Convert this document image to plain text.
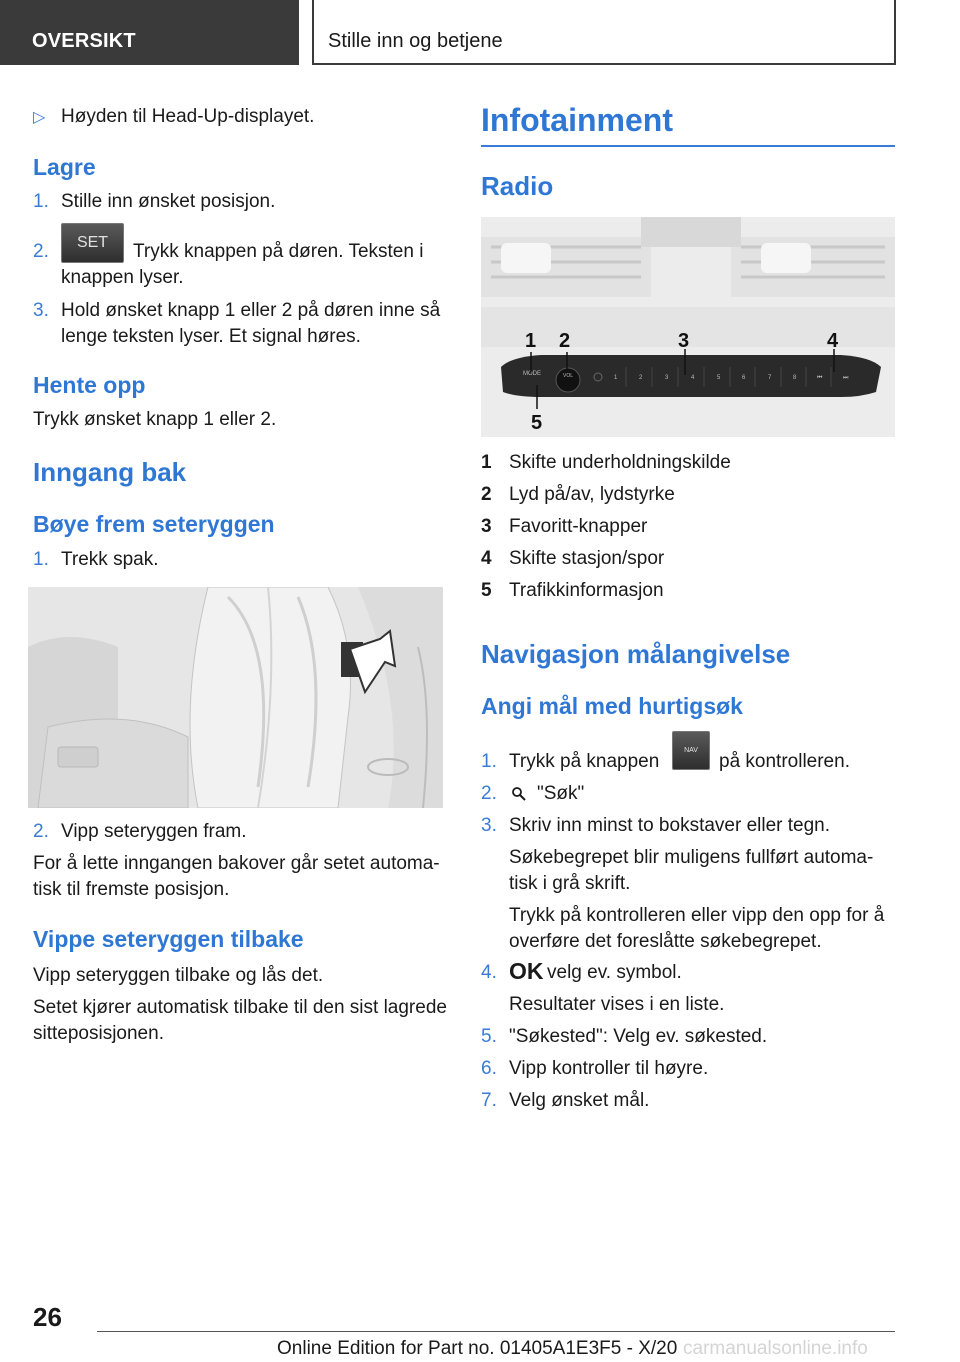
OVERSIKT	Stille inn og betjene
▷ Høyden til Head-Up-displayet.
Lagre
1. Stille inn ønsket posisjon.
2.	SET	Trykk knappen på døren. Teksten i
knappen lyser.
3. Hold ønsket knapp 1 eller 2 på døren inne så
lenge teksten lyser. Et signal høres.
Hente opp
Trykk ønsket knapp 1 eller 2.
Inngang bak
Bøye frem seteryggen
1. Trekk spak.
2. Vipp seteryggen fram.
For å lette inngangen bakover går setet automa-
tisk til fremste posisjon.
Vippe seteryggen tilbake
Vipp seteryggen tilbake og lås det.
Setet kjører automatisk tilbake til den sist lagrede
sitteposisjonen.
Infotainment
Radio
MODE	VOL	1	2	3	4	5	6	7	8	⏮	⏭
1 2	3	4
5
1 Skifte underholdningskilde
2 Lyd på/av, lydstyrke
3 Favoritt-knapper
4 Skifte stasjon/spor
5 Trafikkinformasjon
Navigasjon målangivelse
Angi mål med hurtigsøk
1. Trykk på knappen
NAV
på kontrolleren.
2. "Søk"
3. Skriv inn minst to bokstaver eller tegn.
Søkebegrepet blir muligens fullført automa-
tisk i grå skrift.
Trykk på kontrolleren eller vipp den opp for å
overføre det foreslåtte søkebegrepet.
4. OK velg ev. symbol.
Resultater vises i en liste.
5. "Søkested": Velg ev. søkested.
6. Vipp kontroller til høyre.
7. Velg ønsket mål.
26
Online Edition for Part no. 01405A1E3F5 - X/20 carmanualsonline.info
